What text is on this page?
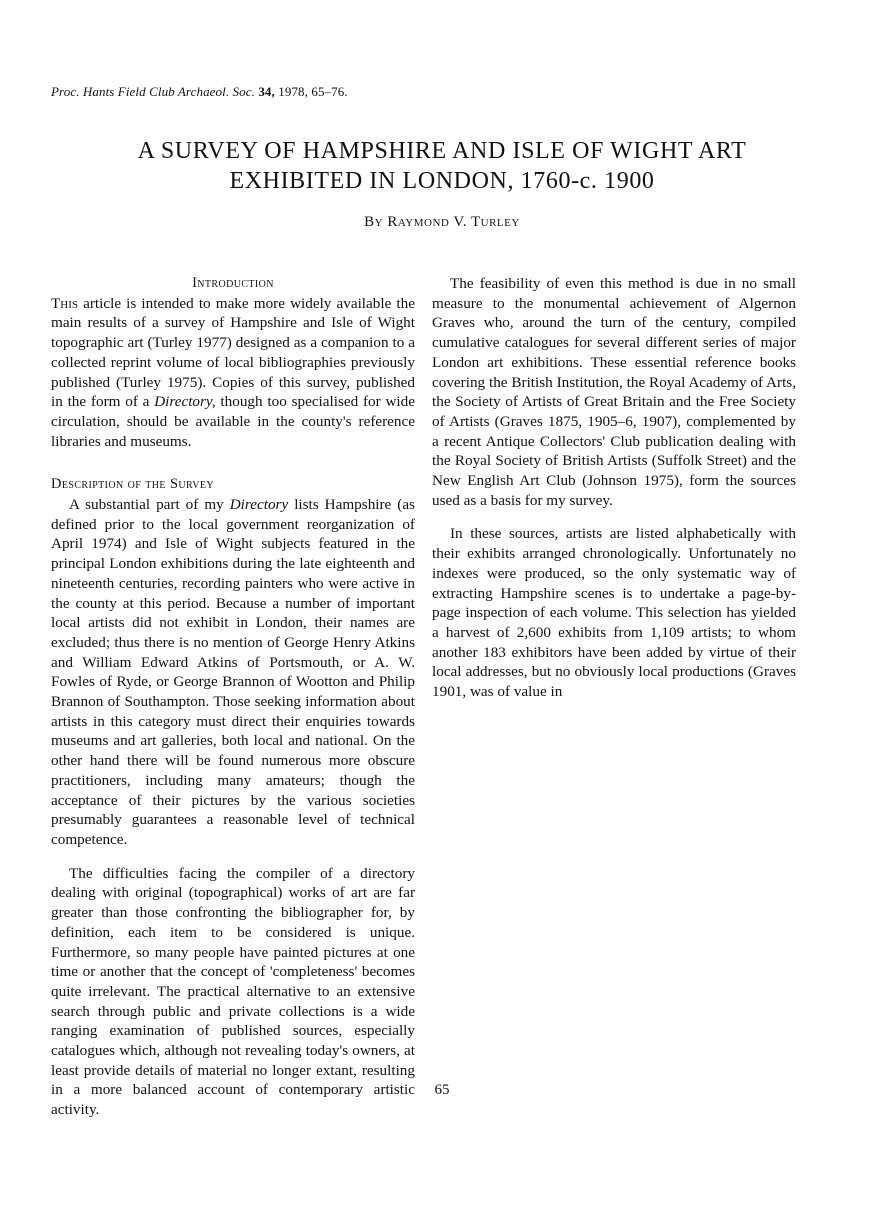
Proc. Hants Field Club Archaeol. Soc. 34, 1978, 65–76.
A SURVEY OF HAMPSHIRE AND ISLE OF WIGHT ART
EXHIBITED IN LONDON, 1760-c. 1900
By Raymond V. Turley

Introduction

This article is intended to make more widely available the main results of a survey of Hampshire and Isle of Wight topographic art (Turley 1977) designed as a companion to a collected reprint volume of local bibliographies previously published (Turley 1975). Copies of this survey, published in the form of a Directory, though too specialised for wide circulation, should be available in the county's reference libraries and museums.

Description of the Survey

A substantial part of my Directory lists Hampshire (as defined prior to the local government reorganization of April 1974) and Isle of Wight subjects featured in the principal London exhibitions during the late eighteenth and nineteenth centuries, recording painters who were active in the county at this period. Because a number of important local artists did not exhibit in London, their names are excluded; thus there is no mention of George Henry Atkins and William Edward Atkins of Portsmouth, or A. W. Fowles of Ryde, or George Brannon of Wootton and Philip Brannon of Southampton. Those seeking information about artists in this category must direct their enquiries towards museums and art galleries, both local and national. On the other hand there will be found numerous more obscure practitioners, including many amateurs; though the acceptance of their pictures by the various societies presumably guarantees a reasonable level of technical competence.

The difficulties facing the compiler of a directory dealing with original (topographical) works of art are far greater than those confronting the bibliographer for, by definition, each item to be considered is unique. Furthermore, so many people have painted pictures at one time or another that the concept of 'completeness' becomes quite irrelevant. The practical alternative to an extensive search through public and private collections is a wide ranging examination of published sources, especially catalogues which, although not revealing today's owners, at least provide details of material no longer extant, resulting in a more balanced account of contemporary artistic activity.

The feasibility of even this method is due in no small measure to the monumental achievement of Algernon Graves who, around the turn of the century, compiled cumulative catalogues for several different series of major London art exhibitions. These essential reference books covering the British Institution, the Royal Academy of Arts, the Society of Artists of Great Britain and the Free Society of Artists (Graves 1875, 1905–6, 1907), complemented by a recent Antique Collectors' Club publication dealing with the Royal Society of British Artists (Suffolk Street) and the New English Art Club (Johnson 1975), form the sources used as a basis for my survey.

In these sources, artists are listed alphabetically with their exhibits arranged chronologically. Unfortunately no indexes were produced, so the only systematic way of extracting Hampshire scenes is to undertake a page-by-page inspection of each volume. This selection has yielded a harvest of 2,600 exhibits from 1,109 artists; to whom another 183 exhibitors have been added by virtue of their local addresses, but no obviously local productions (Graves 1901, was of value in

65
